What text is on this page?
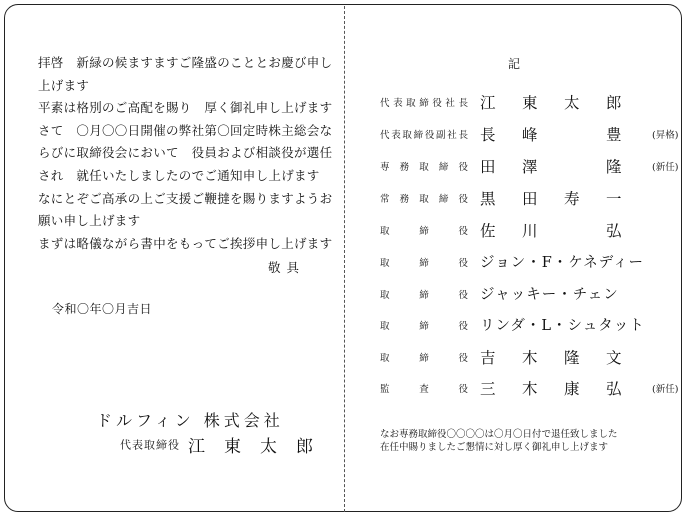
拝啓　新緑の候ますますご隆盛のこととお慶び申し

上げます

平素は格別のご高配を賜り　厚く御礼申し上げます

さて　〇月〇〇日開催の弊社第〇回定時株主総会な

らびに取締役会において　役員および相談役が選任

され　就任いたしましたのでご通知申し上げます

なにとぞご高承の上ご支援ご鞭撻を賜りますようお

願い申し上げます

まずは略儀ながら書中をもってご挨拶申し上げます

敬具
令和〇年〇月吉日
ドルフィン 株式会社
代表取締役 江 東 太 郎
記
代表取締役社長 江 東 太 郎
代表取締役副社長 長 峰	豊	(昇格)
専務取締役 田 澤	隆	(新任)
常務取締役 黒 田 寿 一
取締役 佐 川	弘
取締役 ジョン・F・ケネディー
取締役 ジャッキー・チェン
取締役 リンダ・L・シュタット
取締役 吉 木 隆 文
監査役 三 木 康 弘	(新任)

なお専務取締役〇〇〇〇は〇月〇日付で退任致しました

在任中賜りましたご懇情に対し厚く御礼申し上げます
